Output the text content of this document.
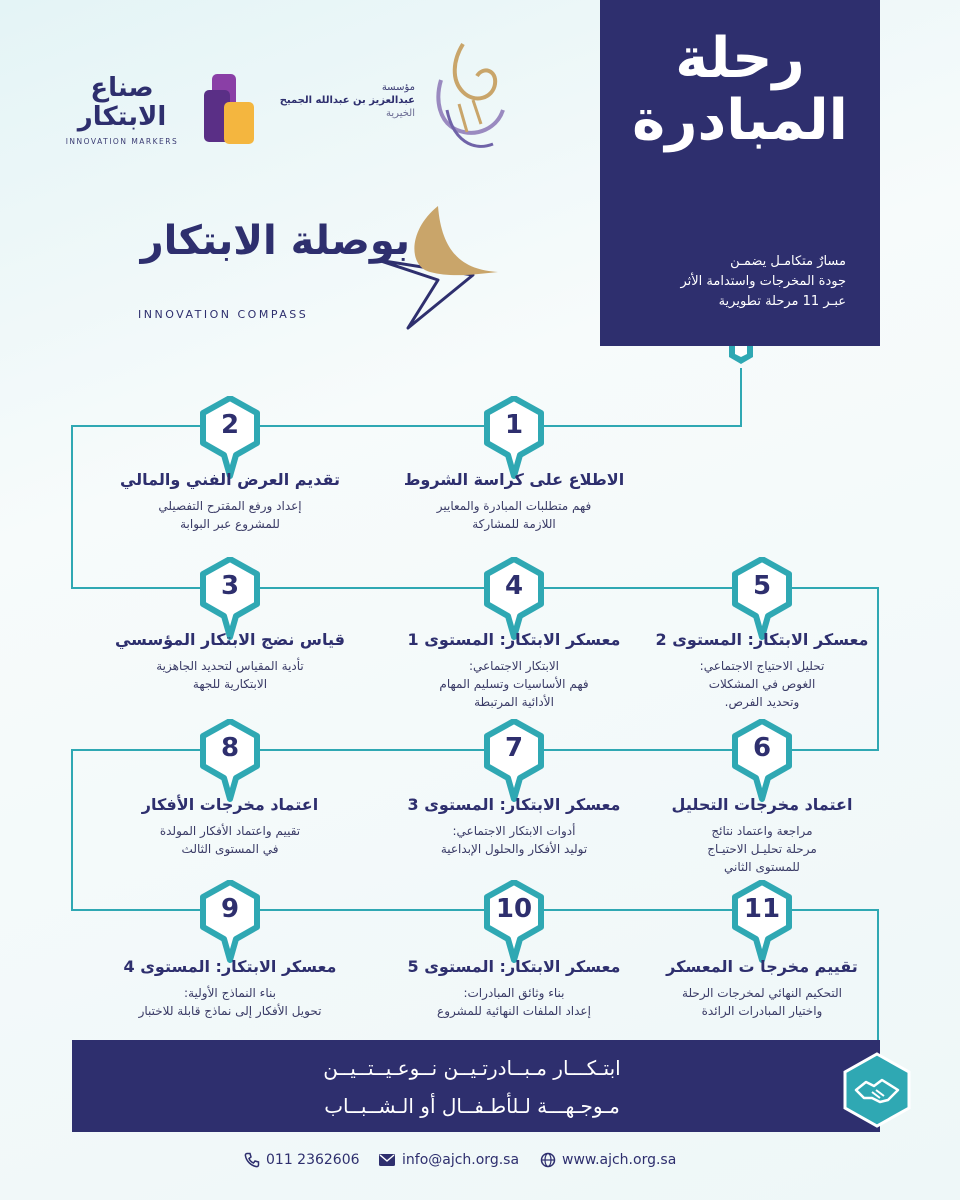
صناع الابتكار
INNOVATION MARKERS
مؤسسة
عبدالعزيز بن عبدالله الجميح
الخيرية
بوصلة الابتكار
INNOVATION COMPASS
رحلة المبادرة
مسارٌ متكامـل يضمـن
جودة المخرجات واستدامة الأثر
عبـر 11 مرحلة تطويرية
1
الاطلاع على كراسة الشروط
فهم متطلبات المبادرة والمعايير
اللازمة للمشاركة
2
تقديم العرض الفني والمالي
إعداد ورفع المقترح التفصيلي
للمشروع عبر البوابة
3
قياس نضج الابتكار المؤسسي
تأدية المقياس لتحديد الجاهزية
الابتكارية للجهة
4
معسكر الابتكار: المستوى 1
الابتكار الاجتماعي:
فهم الأساسيات وتسليم المهام
الأدائية المرتبطة
5
معسكر الابتكار: المستوى 2
تحليل الاحتياج الاجتماعي:
الغوص في المشكلات
وتحديد الفرص.
6
اعتماد مخرجات التحليل
مراجعة واعتماد نتائج
مرحلة تحليـل الاحتيـاج
للمستوى الثاني
7
معسكر الابتكار: المستوى 3
أدوات الابتكار الاجتماعي:
توليد الأفكار والحلول الإبداعية
8
اعتماد مخرجات الأفكار
تقييم واعتماد الأفكار المولدة
في المستوى الثالث
9
معسكر الابتكار: المستوى 4
بناء النماذج الأولية:
تحويل الأفكار إلى نماذج قابلة للاختبار
10
معسكر الابتكار: المستوى 5
بناء وثائق المبادرات:
إعداد الملفات النهائية للمشروع
11
تقييم مخرجا ت المعسكر
التحكيم النهائي لمخرجات الرحلة
واختيار المبادرات الرائدة
ابتـكـــار مـبــادرتـيــن نــوعـيــتــيــن
مـوجـهـــة لـلأطـفــال أو الـشــبــاب
www.ajch.org.sa
info@ajch.org.sa
011 2362606
